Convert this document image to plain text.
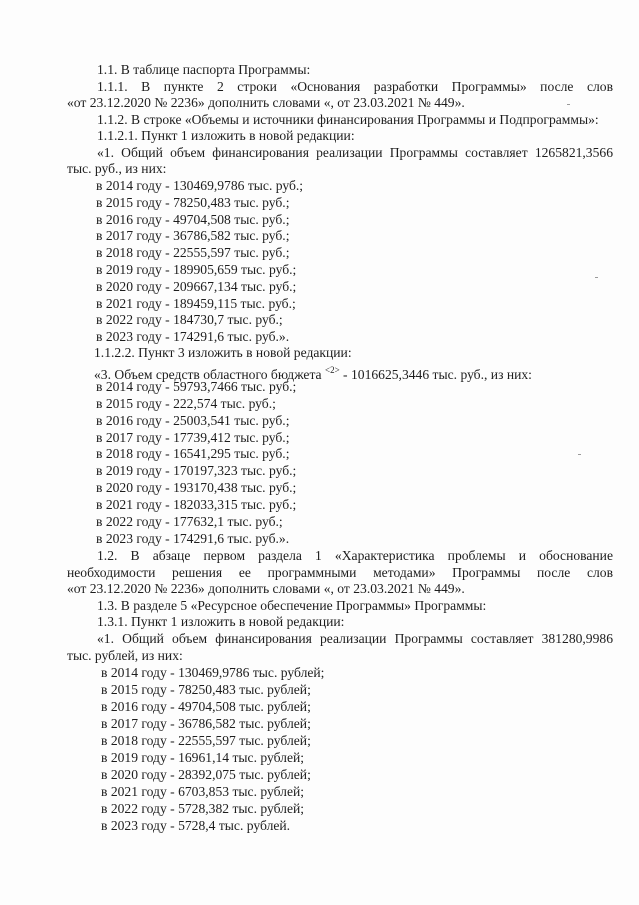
1.1. В таблице паспорта Программы:
1.1.1. В пункте 2 строки «Основания разработки Программы» после слов
«от 23.12.2020 № 2236» дополнить словами «, от 23.03.2021 № 449».
1.1.2. В строке «Объемы и источники финансирования Программы и Подпрограммы»:
1.1.2.1. Пункт 1 изложить в новой редакции:
«1. Общий объем финансирования реализации Программы составляет 1265821,3566
тыс. руб., из них:
в 2014 году - 130469,9786 тыс. руб.;
в 2015 году - 78250,483 тыс. руб.;
в 2016 году - 49704,508 тыс. руб.;
в 2017 году - 36786,582 тыс. руб.;
в 2018 году - 22555,597 тыс. руб.;
в 2019 году - 189905,659 тыс. руб.;
в 2020 году - 209667,134 тыс. руб.;
в 2021 году - 189459,115 тыс. руб.;
в 2022 году - 184730,7 тыс. руб.;
в 2023 году - 174291,6 тыс. руб.».
1.1.2.2. Пункт 3 изложить в новой редакции:
«3. Объем средств областного бюджета $^{<2>}$ - 1016625,3446 тыс. руб., из них:
в 2014 году - 59793,7466 тыс. руб.;
в 2015 году - 222,574 тыс. руб.;
в 2016 году - 25003,541 тыс. руб.;
в 2017 году - 17739,412 тыс. руб.;
в 2018 году - 16541,295 тыс. руб.;
в 2019 году - 170197,323 тыс. руб.;
в 2020 году - 193170,438 тыс. руб.;
в 2021 году - 182033,315 тыс. руб.;
в 2022 году - 177632,1 тыс. руб.;
в 2023 году - 174291,6 тыс. руб.».
1.2. В абзаце первом раздела 1 «Характеристика проблемы и обоснование
необходимости решения ее программными методами» Программы после слов
«от 23.12.2020 № 2236» дополнить словами «, от 23.03.2021 № 449».
1.3. В разделе 5 «Ресурсное обеспечение Программы» Программы:
1.3.1. Пункт 1 изложить в новой редакции:
«1. Общий объем финансирования реализации Программы составляет 381280,9986
тыс. рублей, из них:
в 2014 году - 130469,9786 тыс. рублей;
в 2015 году - 78250,483 тыс. рублей;
в 2016 году - 49704,508 тыс. рублей;
в 2017 году - 36786,582 тыс. рублей;
в 2018 году - 22555,597 тыс. рублей;
в 2019 году - 16961,14 тыс. рублей;
в 2020 году - 28392,075 тыс. рублей;
в 2021 году - 6703,853 тыс. рублей;
в 2022 году - 5728,382 тыс. рублей;
в 2023 году - 5728,4 тыс. рублей.
